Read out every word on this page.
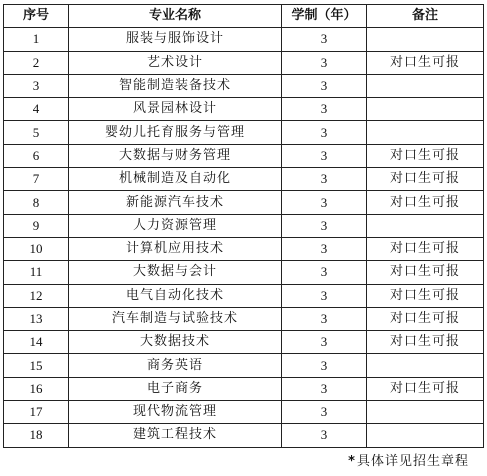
序号	专业名称	学制（年）	备注
1	服装与服饰设计	3	
2	艺术设计	3	对口生可报
3	智能制造装备技术	3	
4	风景园林设计	3	
5	婴幼儿托育服务与管理	3	
6	大数据与财务管理	3	对口生可报
7	机械制造及自动化	3	对口生可报
8	新能源汽车技术	3	对口生可报
9	人力资源管理	3	
10	计算机应用技术	3	对口生可报
11	大数据与会计	3	对口生可报
12	电气自动化技术	3	对口生可报
13	汽车制造与试验技术	3	对口生可报
14	大数据技术	3	对口生可报
15	商务英语	3	
16	电子商务	3	对口生可报
17	现代物流管理	3	
18	建筑工程技术	3	
*具体详见招生章程
